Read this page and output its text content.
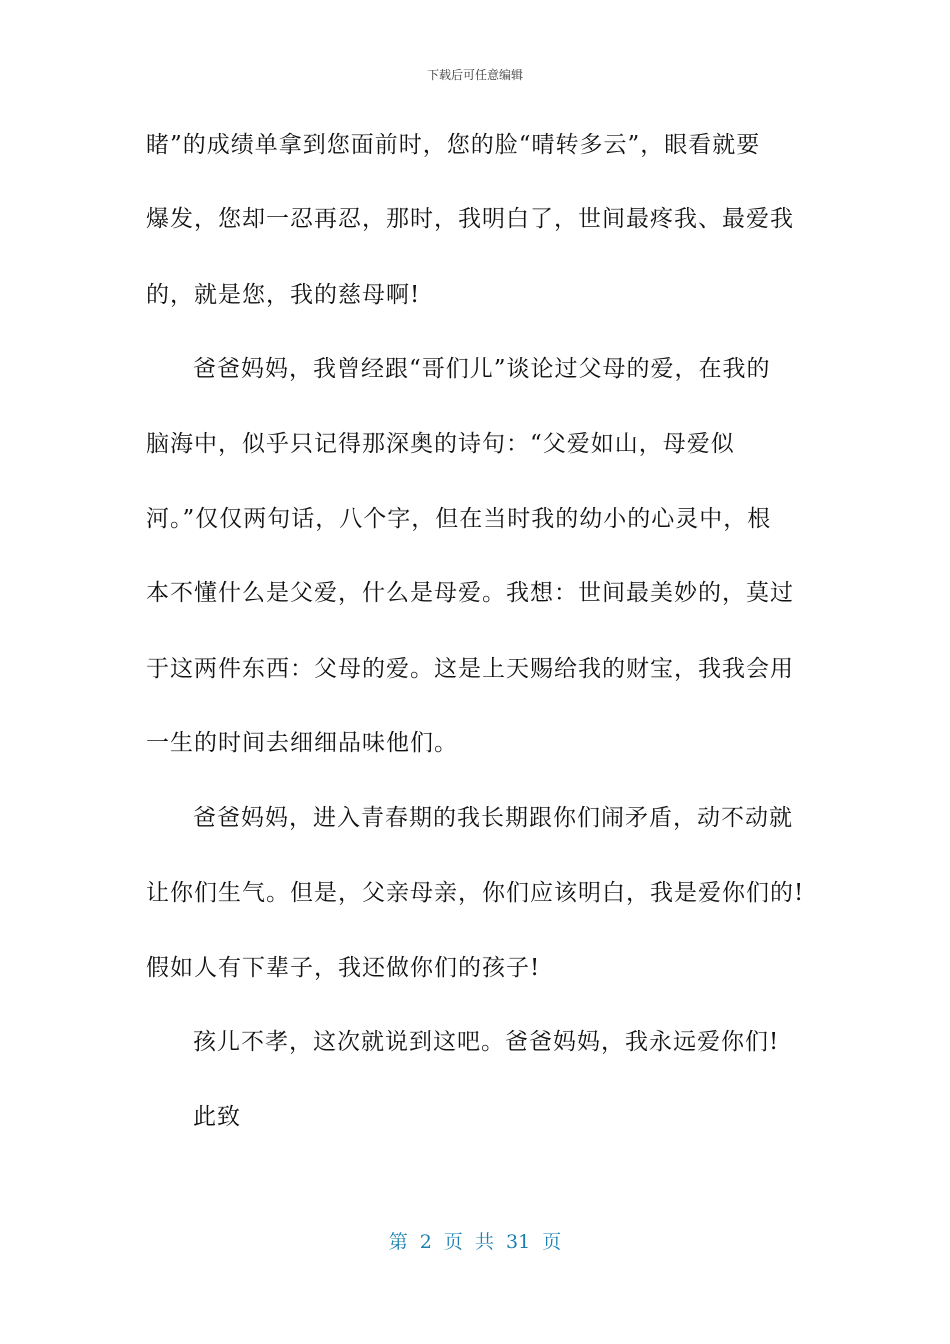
下载后可任意编辑
睹”的成绩单拿到您面前时，您的脸“晴转多云”，眼看就要
爆发，您却一忍再忍，那时，我明白了，世间最疼我、最爱我
的，就是您，我的慈母啊!
爸爸妈妈，我曾经跟“哥们儿”谈论过父母的爱，在我的
脑海中，似乎只记得那深奥的诗句：“父爱如山，母爱似
河。”仅仅两句话，八个字，但在当时我的幼小的心灵中，根
本不懂什么是父爱，什么是母爱。我想：世间最美妙的，莫过
于这两件东西：父母的爱。这是上天赐给我的财宝，我我会用
一生的时间去细细品味他们。
爸爸妈妈，进入青春期的我长期跟你们闹矛盾，动不动就
让你们生气。但是，父亲母亲，你们应该明白，我是爱你们的!
假如人有下辈子，我还做你们的孩子!
孩儿不孝，这次就说到这吧。爸爸妈妈，我永远爱你们!
此致
第 2 页 共 31 页
